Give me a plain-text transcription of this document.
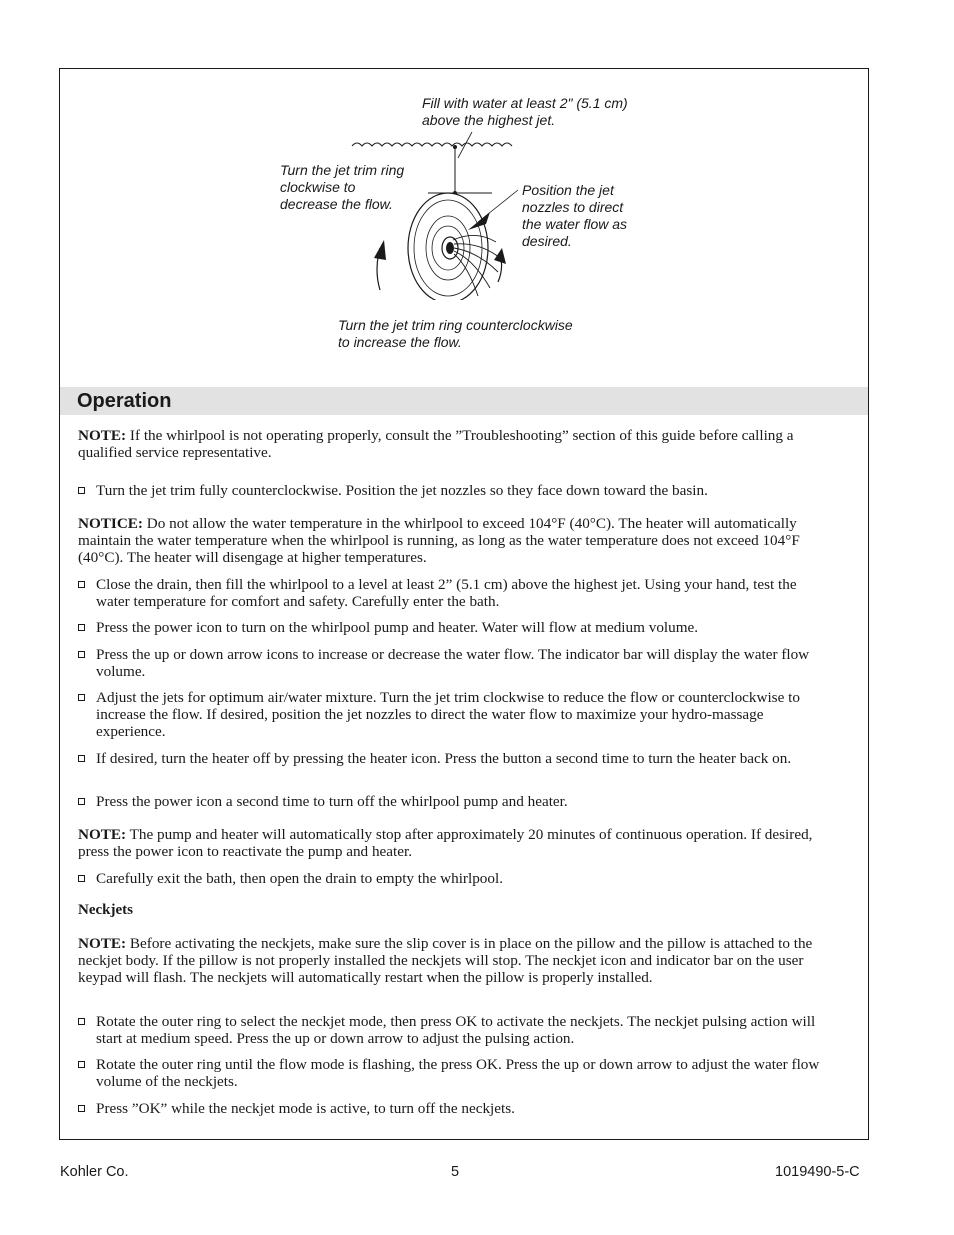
Fill with water at least 2" (5.1 cm)
above the highest jet.
Turn the jet trim ring
clockwise to
decrease the flow.
Position the jet
nozzles to direct
the water flow as
desired.
Turn the jet trim ring counterclockwise
to increase the flow.
Operation
NOTE: If the whirlpool is not operating properly, consult the ”Troubleshooting” section of this guide before calling a qualified service representative.
Turn the jet trim fully counterclockwise. Position the jet nozzles so they face down toward the basin.
NOTICE: Do not allow the water temperature in the whirlpool to exceed 104°F (40°C). The heater will automatically maintain the water temperature when the whirlpool is running, as long as the water temperature does not exceed 104°F (40°C). The heater will disengage at higher temperatures.
Close the drain, then fill the whirlpool to a level at least 2” (5.1 cm) above the highest jet. Using your hand, test the water temperature for comfort and safety. Carefully enter the bath.
Press the power icon to turn on the whirlpool pump and heater. Water will flow at medium volume.
Press the up or down arrow icons to increase or decrease the water flow. The indicator bar will display the water flow volume.
Adjust the jets for optimum air/water mixture. Turn the jet trim clockwise to reduce the flow or counterclockwise to increase the flow. If desired, position the jet nozzles to direct the water flow to maximize your hydro-massage experience.
If desired, turn the heater off by pressing the heater icon. Press the button a second time to turn the heater back on.
Press the power icon a second time to turn off the whirlpool pump and heater.
NOTE: The pump and heater will automatically stop after approximately 20 minutes of continuous operation. If desired, press the power icon to reactivate the pump and heater.
Carefully exit the bath, then open the drain to empty the whirlpool.
Neckjets
NOTE: Before activating the neckjets, make sure the slip cover is in place on the pillow and the pillow is attached to the neckjet body. If the pillow is not properly installed the neckjets will stop. The neckjet icon and indicator bar on the user keypad will flash. The neckjets will automatically restart when the pillow is properly installed.
Rotate the outer ring to select the neckjet mode, then press OK to activate the neckjets. The neckjet pulsing action will start at medium speed. Press the up or down arrow to adjust the pulsing action.
Rotate the outer ring until the flow mode is flashing, the press OK. Press the up or down arrow to adjust the water flow volume of the neckjets.
Press ”OK” while the neckjet mode is active, to turn off the neckjets.
Kohler Co.	5	1019490-5-C
